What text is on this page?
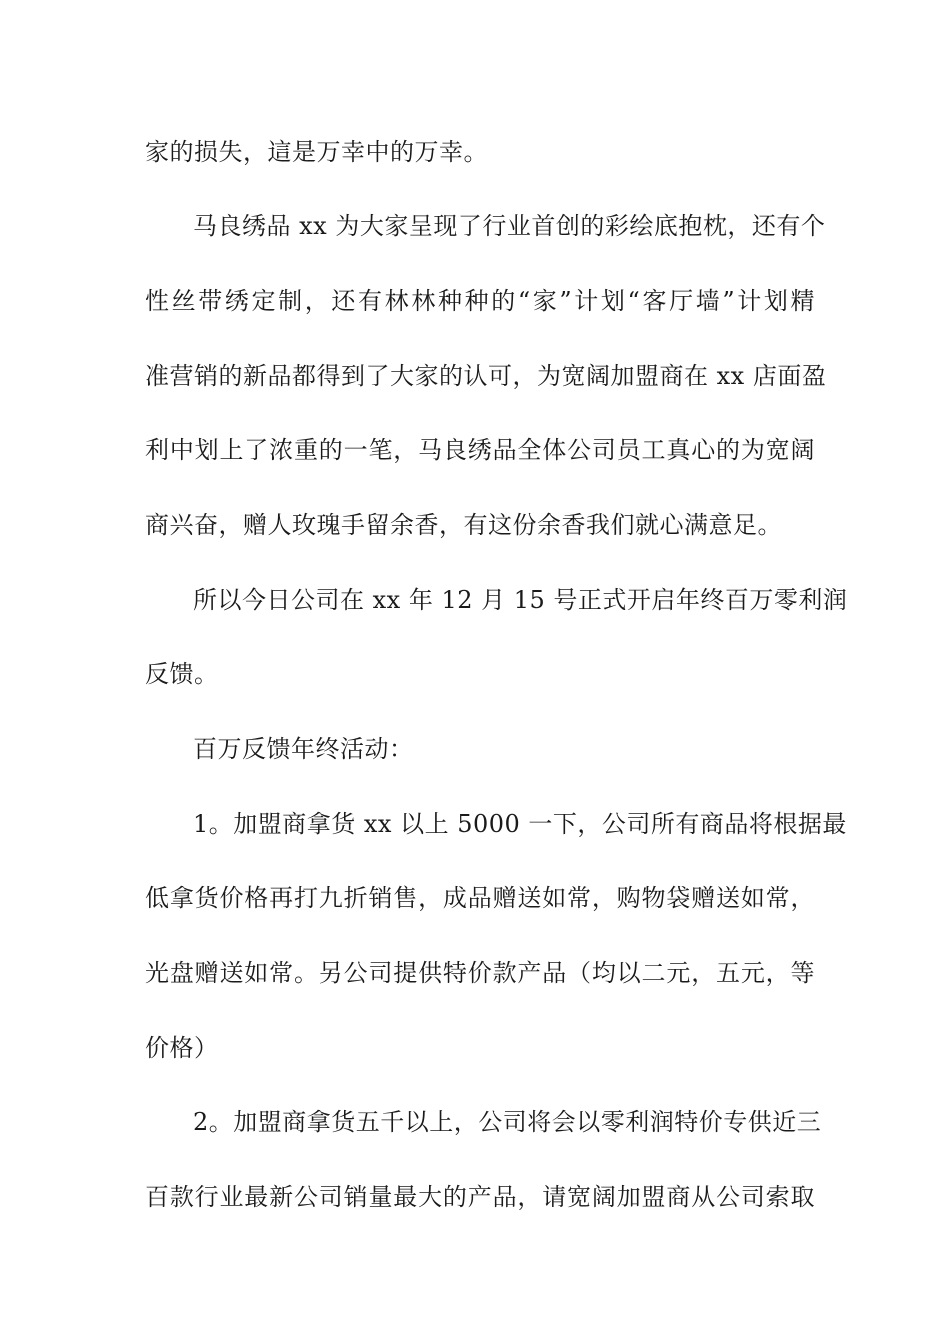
家的损失，這是万幸中的万幸。
马良绣品 xx 为大家呈现了行业首创的彩绘底抱枕，还有个
性丝带绣定制，还有林林种种的“家”计划“客厅墙”计划精
准营销的新品都得到了大家的认可，为宽阔加盟商在 xx 店面盈
利中划上了浓重的一笔，马良绣品全体公司员工真心的为宽阔
商兴奋，赠人玫瑰手留余香，有这份余香我们就心满意足。
所以今日公司在 xx 年 12 月 15 号正式开启年终百万零利润
反馈。
百万反馈年终活动：
1。加盟商拿货 xx 以上 5000 一下，公司所有商品将根据最
低拿货价格再打九折销售，成品赠送如常，购物袋赠送如常，
光盘赠送如常。另公司提供特价款产品（均以二元，五元，等
价格）
2。加盟商拿货五千以上，公司将会以零利润特价专供近三
百款行业最新公司销量最大的产品，请宽阔加盟商从公司索取
